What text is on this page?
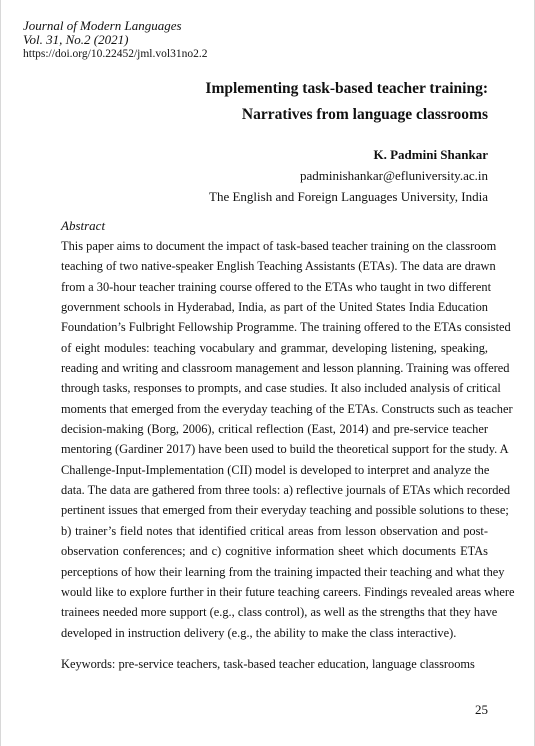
Journal of Modern Languages
Vol. 31, No.2 (2021)
https://doi.org/10.22452/jml.vol31no2.2
Implementing task-based teacher training:
Narratives from language classrooms
K. Padmini Shankar
padminishankar@efluniversity.ac.in
The English and Foreign Languages University, India
Abstract
This paper aims to document the impact of task-based teacher training on the classroom
teaching of two native-speaker English Teaching Assistants (ETAs). The data are drawn
from a 30-hour teacher training course offered to the ETAs who taught in two different
government schools in Hyderabad, India, as part of the United States India Education
Foundation’s Fulbright Fellowship Programme. The training offered to the ETAs consisted
of eight modules: teaching vocabulary and grammar, developing listening, speaking,
reading and writing and classroom management and lesson planning. Training was offered
through tasks, responses to prompts, and case studies. It also included analysis of critical
moments that emerged from the everyday teaching of the ETAs. Constructs such as teacher
decision-making (Borg, 2006), critical reflection (East, 2014) and pre-service teacher
mentoring (Gardiner 2017) have been used to build the theoretical support for the study. A
Challenge-Input-Implementation (CII) model is developed to interpret and analyze the
data. The data are gathered from three tools: a) reflective journals of ETAs which recorded
pertinent issues that emerged from their everyday teaching and possible solutions to these;
b) trainer’s field notes that identified critical areas from lesson observation and post-
observation conferences; and c) cognitive information sheet which documents ETAs
perceptions of how their learning from the training impacted their teaching and what they
would like to explore further in their future teaching careers. Findings revealed areas where
trainees needed more support (e.g., class control), as well as the strengths that they have
developed in instruction delivery (e.g., the ability to make the class interactive).
Keywords: pre-service teachers, task-based teacher education, language classrooms
25
